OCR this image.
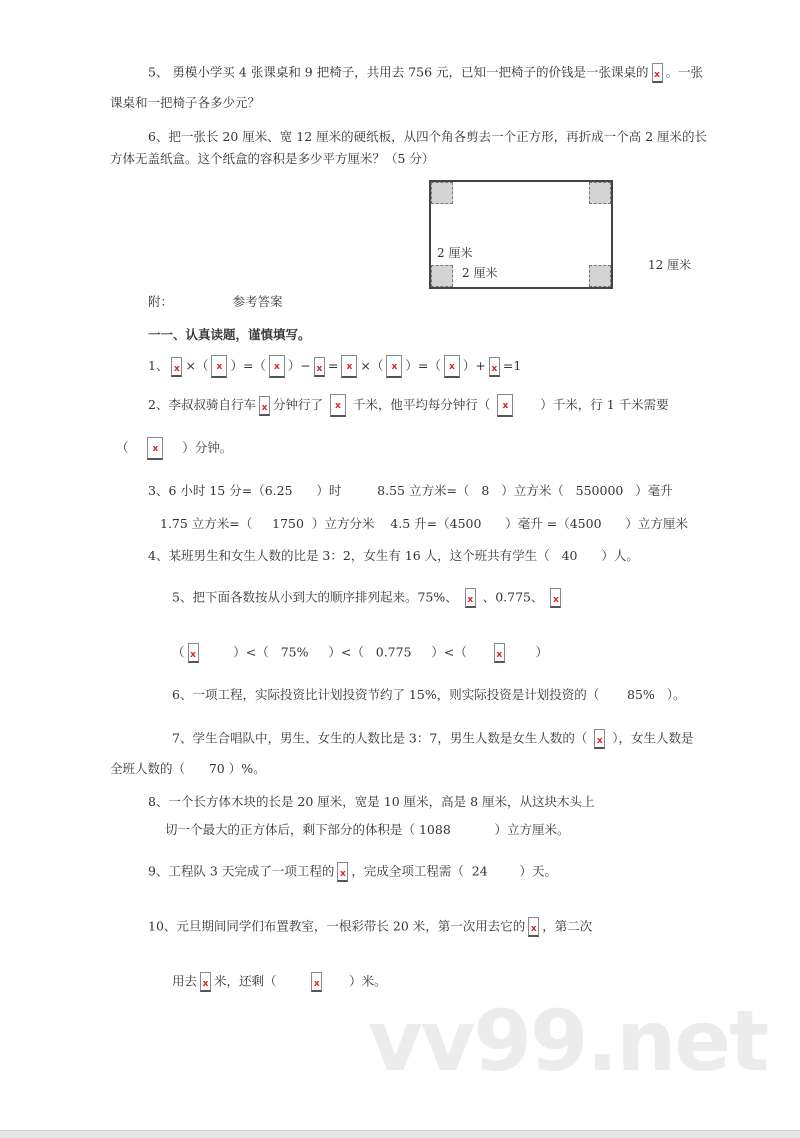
5、 勇模小学买 4 张课桌和 9 把椅子，共用去 756 元，已知一把椅子的价钱是一张课桌的 x 。一张
课桌和一把椅子各多少元？
6、把一张长 20 厘米、宽 12 厘米的硬纸板，从四个角各剪去一个正方形，再折成一个高 2 厘米的长
方体无盖纸盒。这个纸盒的容积是多少平方厘米？（5 分）
2 厘米
2 厘米
12 厘米
附：               参考答案
一一、认真读题，谨慎填写。
1、 x ×（ x ）=（ x ）− x = x ×（ x ）=（ x ）+ x =1
2、李叔叔骑自行车 x 分钟行了  x 千米，他平均每分钟行（  x      ）千米，行 1 千米需要
（     x    ）分钟。
3、6 小时 15 分=（6.25      ）时         8.55 立方米=（   8   ）立方米（   550000   ）毫升
1.75 立方米=（     1750  ）立方分米    4.5 升=（4500      ）毫升 =（4500      ）立方厘米
4、某班男生和女生人数的比是 3：2，女生有 16 人，这个班共有学生（   40      ）人。
5、把下面各数按从小到大的顺序排列起来。75%、  x 、0.775、  x
（ x        ）<（   75%     ）<（   0.775     ）<（       x       ）
6、一项工程，实际投资比计划投资节约了 15%，则实际投资是计划投资的（       85%   ）。
7、学生合唱队中，男生、女生的人数比是 3：7，男生人数是女生人数的（  x ），女生人数是
全班人数的（      70 ）%。
8、一个长方体木块的长是 20 厘米，宽是 10 厘米，高是 8 厘米，从这块木头上
切一个最大的正方体后，剩下部分的体积是（ 1088           ）立方厘米。
9、工程队 3 天完成了一项工程的 x ，完成全项工程需（  24        ）天。
10、元旦期间同学们布置教室，一根彩带长 20 米，第一次用去它的 x ，第二次
用去 x 米，还剩（         x      ）米。
vv99.net
